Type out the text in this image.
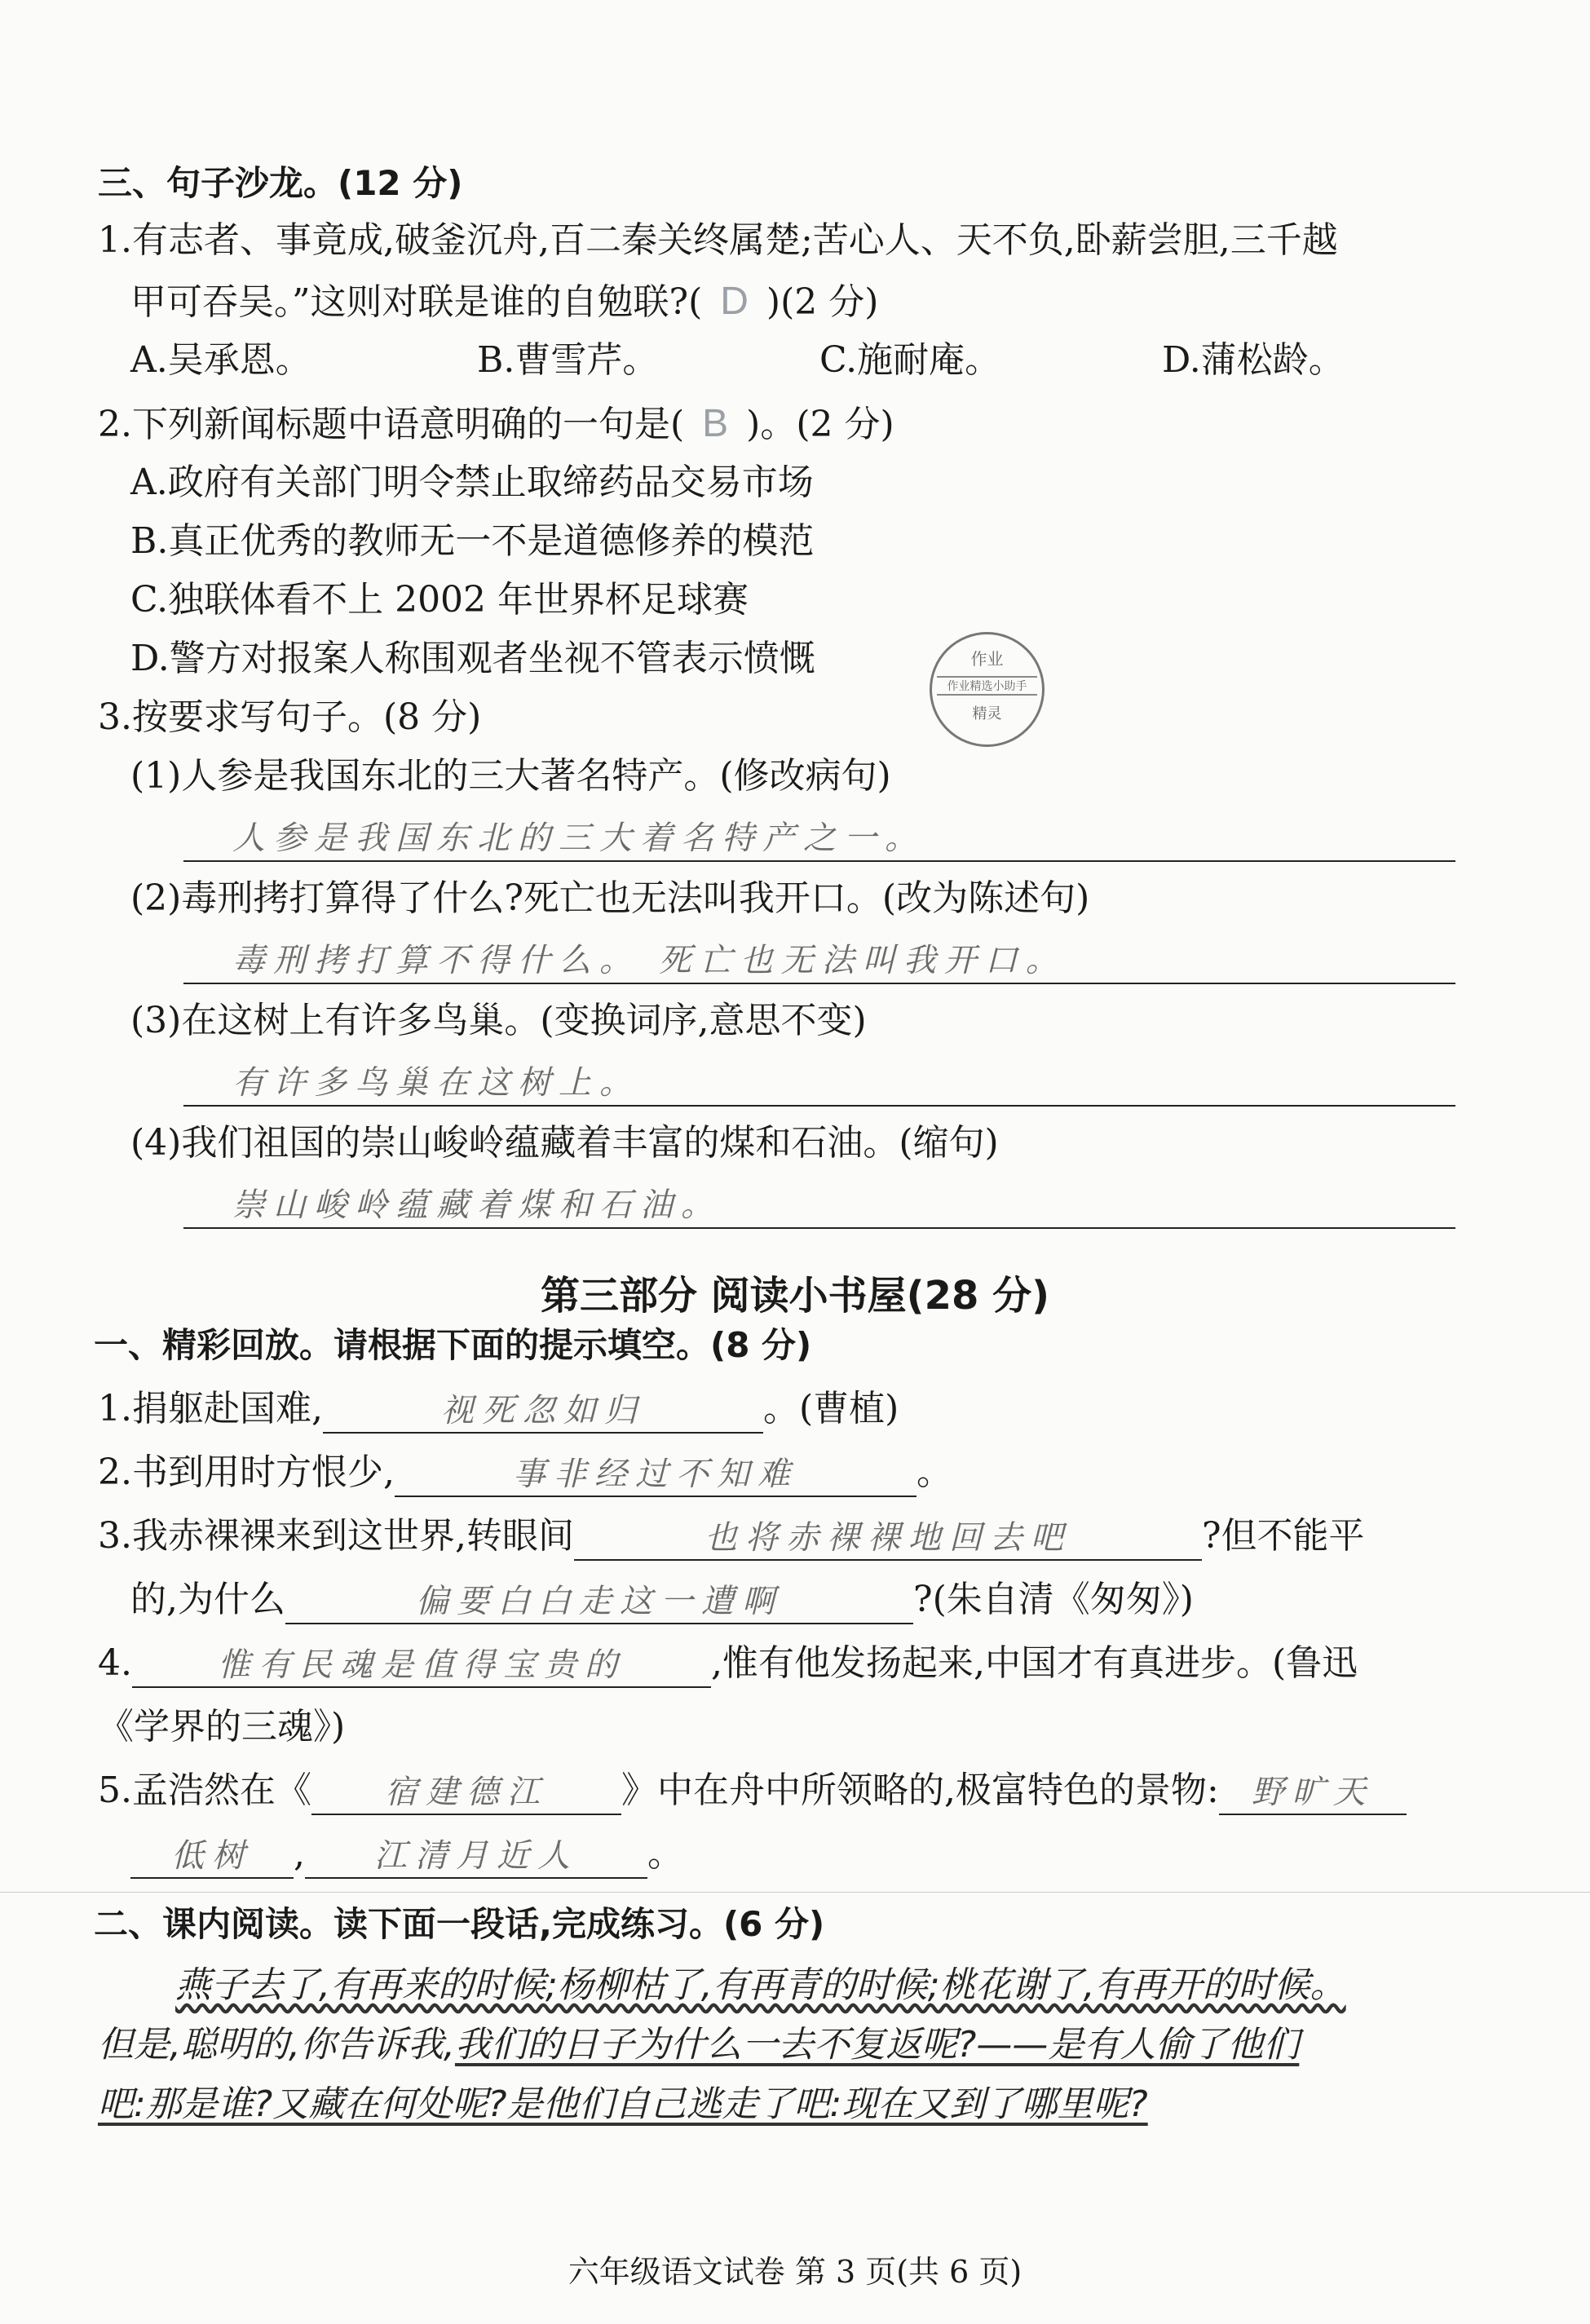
三、句子沙龙。(12 分)
1.有志者、事竟成,破釜沉舟,百二秦关终属楚;苦心人、天不负,卧薪尝胆,三千越
甲可吞吴。”这则对联是谁的自勉联?( D )(2 分)
A.吴承恩。	B.曹雪芹。	C.施耐庵。	D.蒲松龄。
2.下列新闻标题中语意明确的一句是( B )。(2 分)
A.政府有关部门明令禁止取缔药品交易市场
B.真正优秀的教师无一不是道德修养的模范
C.独联体看不上 2002 年世界杯足球赛
D.警方对报案人称围观者坐视不管表示愤慨	作业
作业精选小助手
精灵
3.按要求写句子。(8 分)
(1)人参是我国东北的三大著名特产。(修改病句)
人参是我国东北的三大着名特产之一。
(2)毒刑拷打算得了什么?死亡也无法叫我开口。(改为陈述句)
毒刑拷打算不得什么。 死亡也无法叫我开口。
(3)在这树上有许多鸟巢。(变换词序,意思不变)
有许多鸟巢在这树上。
(4)我们祖国的崇山峻岭蕴藏着丰富的煤和石油。(缩句)
崇山峻岭蕴藏着煤和石油。
第三部分 阅读小书屋(28 分)
一、精彩回放。请根据下面的提示填空。(8 分)
1.捐躯赴国难,	视死忽如归	。(曹植)
2.书到用时方恨少,	事非经过不知难	。
3.我赤裸裸来到这世界,转眼间	也将赤裸裸地回去吧	?但不能平
的,为什么	偏要白白走这一遭啊	?(朱自清《匆匆》)
4.	惟有民魂是值得宝贵的 ,惟有他发扬起来,中国才有真进步。(鲁迅
《学界的三魂》)
5.孟浩然在《 宿建德江 》中在舟中所领略的,极富特色的景物: 野旷天
低树 , 江清月近人 。
二、课内阅读。读下面一段话,完成练习。(6 分)
燕子去了,有再来的时候;杨柳枯了,有再青的时候;桃花谢了,有再开的时候。
但是,聪明的,你告诉我,我们的日子为什么一去不复返呢?——是有人偷了他们
吧:那是谁?又藏在何处呢?是他们自己逃走了吧:现在又到了哪里呢?
六年级语文试卷 第 3 页(共 6 页)
